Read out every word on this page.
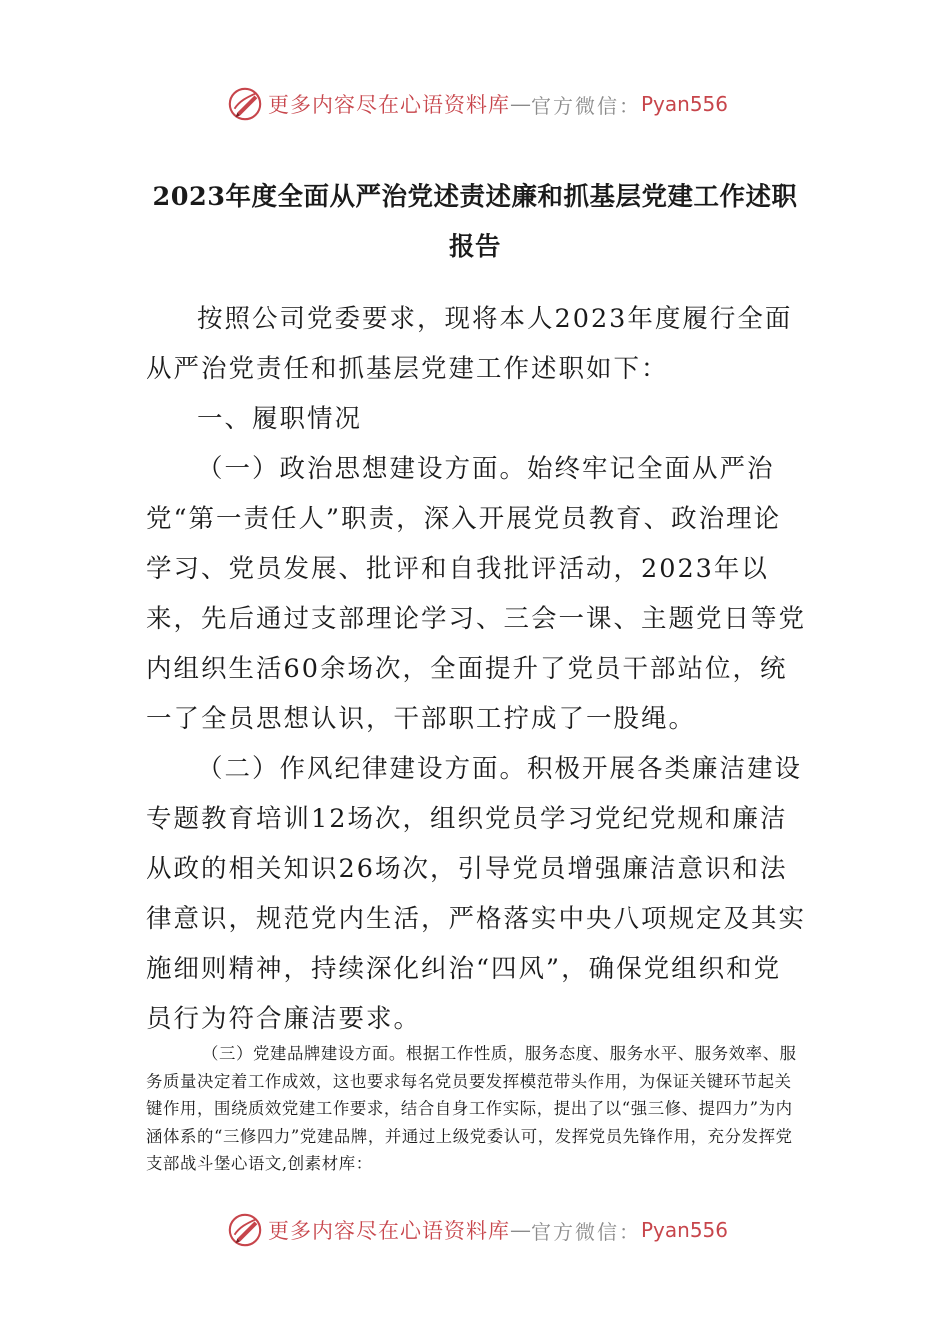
更多内容尽在心语资料库 — 官方微信： Pyan556
2023年度全面从严治党述责述廉和抓基层党建工作述职报告

按照公司党委要求，现将本人2023年度履行全面从严治党责任和抓基层党建工作述职如下：

一、履职情况

（一）政治思想建设方面。始终牢记全面从严治党“第一责任人”职责，深入开展党员教育、政治理论学习、党员发展、批评和自我批评活动，2023年以来，先后通过支部理论学习、三会一课、主题党日等党内组织生活60余场次，全面提升了党员干部站位，统一了全员思想认识，干部职工拧成了一股绳。

（二）作风纪律建设方面。积极开展各类廉洁建设专题教育培训12场次，组织党员学习党纪党规和廉洁从政的相关知识26场次，引导党员增强廉洁意识和法律意识，规范党内生活，严格落实中央八项规定及其实施细则精神，持续深化纠治“四风”，确保党组织和党员行为符合廉洁要求。

（三）党建品牌建设方面。根据工作性质，服务态度、服务水平、服务效率、服务质量决定着工作成效，这也要求每名党员要发挥模范带头作用，为保证关键环节起关键作用，围绕质效党建工作要求，结合自身工作实际，提出了以“强三修、提四力”为内涵体系的“三修四力”党建品牌，并通过上级党委认可，发挥党员先锋作用，充分发挥党支部战斗堡心语文,创素材库：

更多内容尽在心语资料库 — 官方微信： Pyan556
